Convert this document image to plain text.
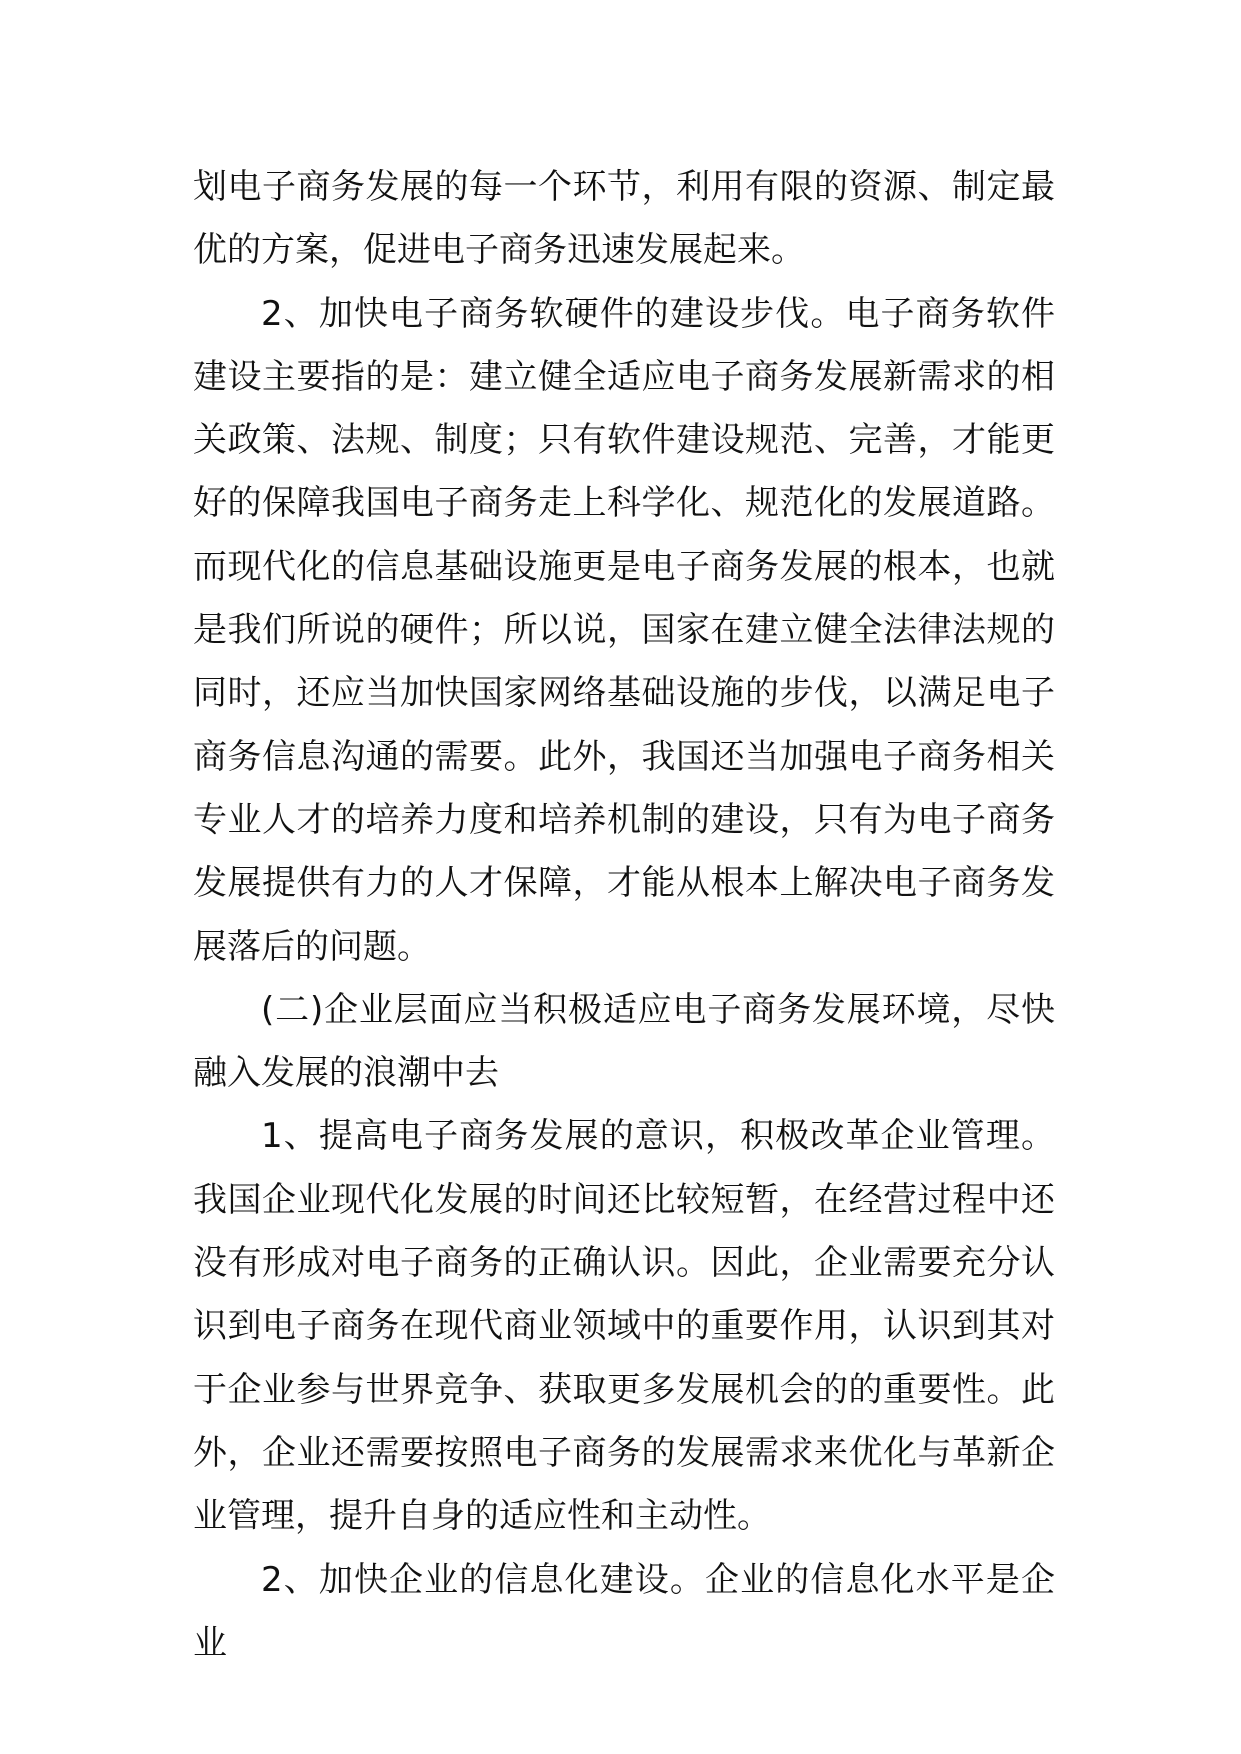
划电子商务发展的每一个环节，利用有限的资源、制定最优的方案，促进电子商务迅速发展起来。

2、加快电子商务软硬件的建设步伐。电子商务软件建设主要指的是：建立健全适应电子商务发展新需求的相关政策、法规、制度；只有软件建设规范、完善，才能更好的保障我国电子商务走上科学化、规范化的发展道路。而现代化的信息基础设施更是电子商务发展的根本，也就是我们所说的硬件；所以说，国家在建立健全法律法规的同时，还应当加快国家网络基础设施的步伐，以满足电子商务信息沟通的需要。此外，我国还当加强电子商务相关专业人才的培养力度和培养机制的建设，只有为电子商务发展提供有力的人才保障，才能从根本上解决电子商务发展落后的问题。

(二)企业层面应当积极适应电子商务发展环境，尽快融入发展的浪潮中去

1、提高电子商务发展的意识，积极改革企业管理。我国企业现代化发展的时间还比较短暂，在经营过程中还没有形成对电子商务的正确认识。因此，企业需要充分认识到电子商务在现代商业领域中的重要作用，认识到其对于企业参与世界竞争、获取更多发展机会的的重要性。此外，企业还需要按照电子商务的发展需求来优化与革新企业管理，提升自身的适应性和主动性。

2、加快企业的信息化建设。企业的信息化水平是企业
